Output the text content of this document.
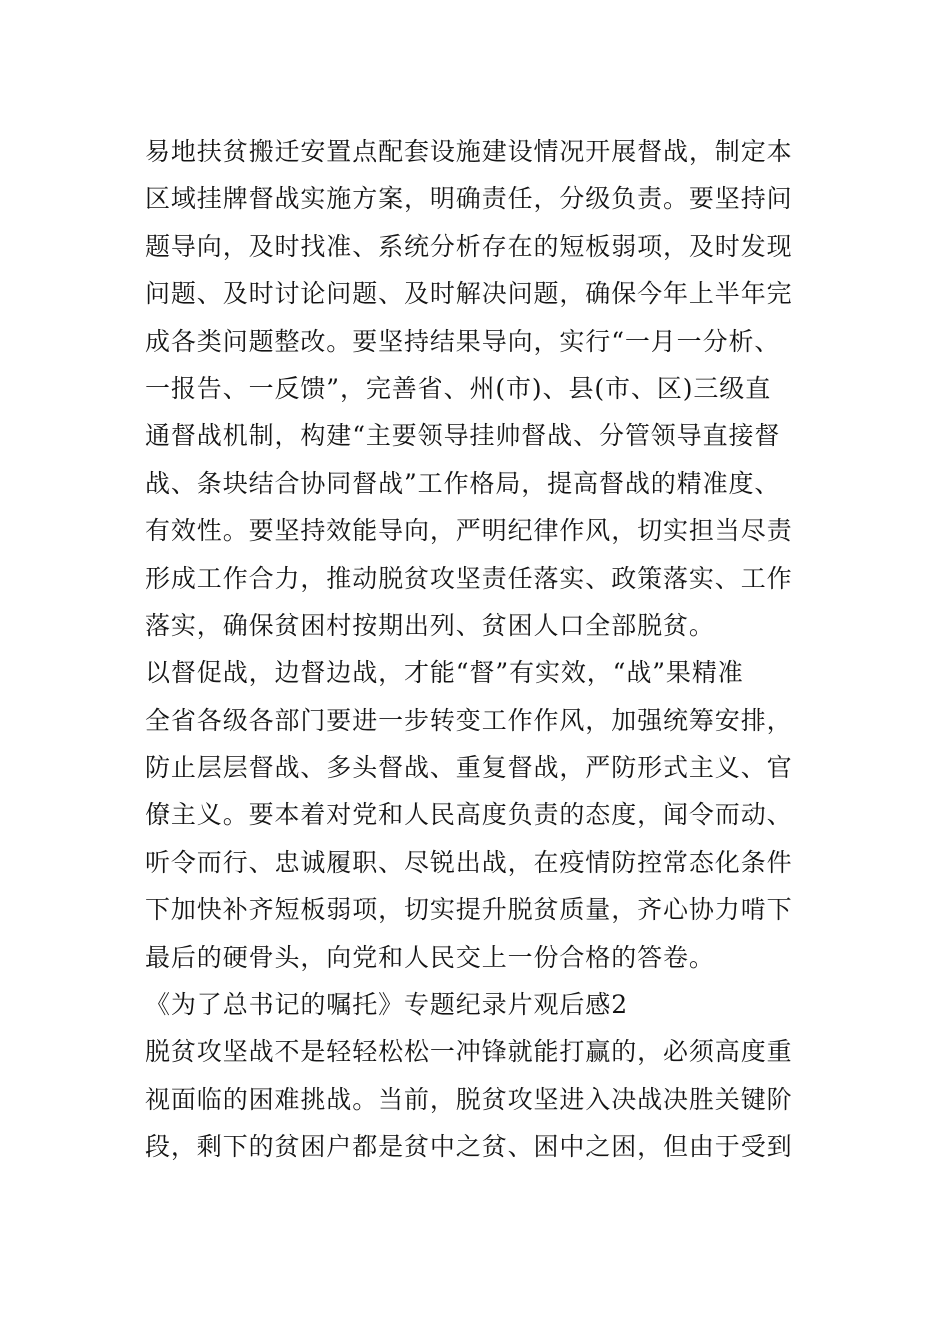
易地扶贫搬迁安置点配套设施建设情况开展督战，制定本
区域挂牌督战实施方案，明确责任，分级负责。要坚持问
题导向，及时找准、系统分析存在的短板弱项，及时发现
问题、及时讨论问题、及时解决问题，确保今年上半年完
成各类问题整改。要坚持结果导向，实行“一月一分析、
一报告、一反馈”，完善省、州(市)、县(市、区)三级直
通督战机制，构建“主要领导挂帅督战、分管领导直接督
战、条块结合协同督战”工作格局，提高督战的精准度、
有效性。要坚持效能导向，严明纪律作风，切实担当尽责
形成工作合力，推动脱贫攻坚责任落实、政策落实、工作
落实，确保贫困村按期出列、贫困人口全部脱贫。
以督促战，边督边战，才能“督”有实效，“战”果精准
全省各级各部门要进一步转变工作作风，加强统筹安排，
防止层层督战、多头督战、重复督战，严防形式主义、官
僚主义。要本着对党和人民高度负责的态度，闻令而动、
听令而行、忠诚履职、尽锐出战，在疫情防控常态化条件
下加快补齐短板弱项，切实提升脱贫质量，齐心协力啃下
最后的硬骨头，向党和人民交上一份合格的答卷。
《为了总书记的嘱托》专题纪录片观后感2
脱贫攻坚战不是轻轻松松一冲锋就能打赢的，必须高度重
视面临的困难挑战。当前，脱贫攻坚进入决战决胜关键阶
段，剩下的贫困户都是贫中之贫、困中之困，但由于受到
